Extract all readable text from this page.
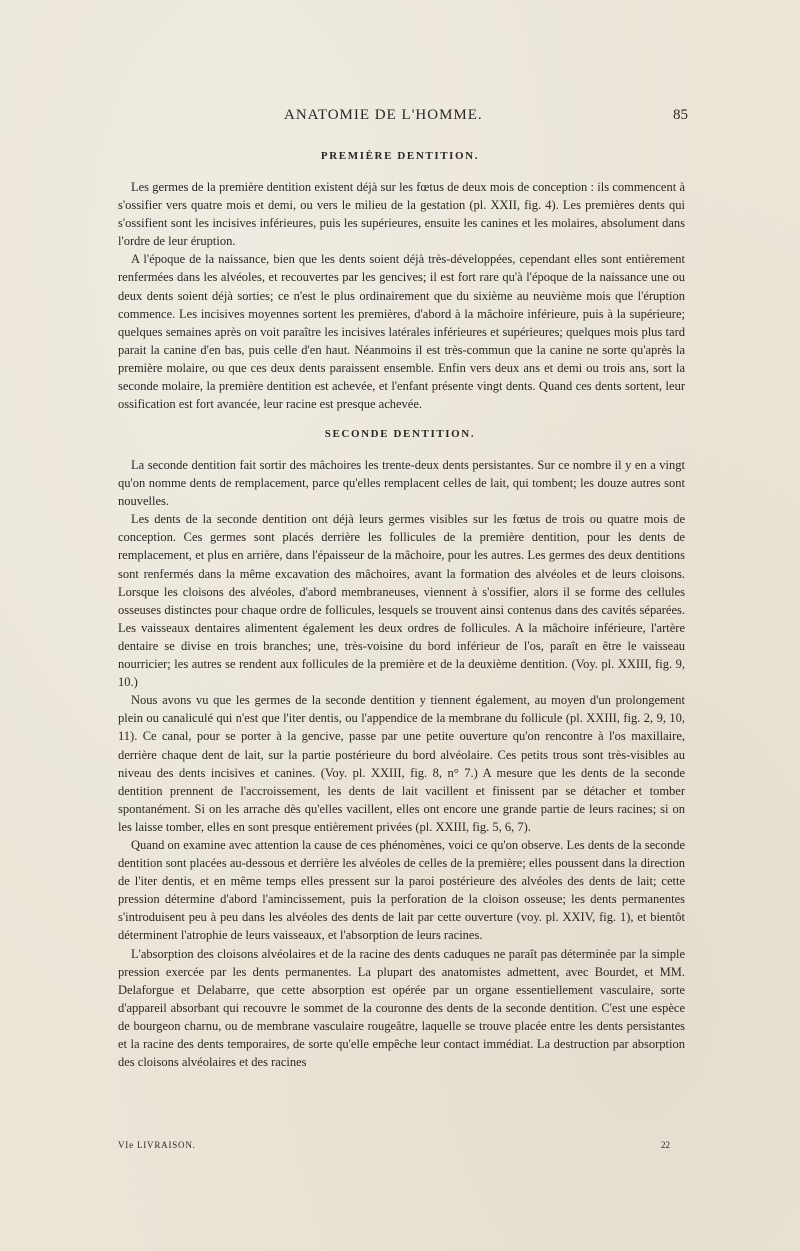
ANATOMIE DE L'HOMME.	85
PREMIÈRE DENTITION.

Les germes de la première dentition existent déjà sur les fœtus de deux mois de conception : ils commencent à s'ossifier vers quatre mois et demi, ou vers le milieu de la gestation (pl. XXII, fig. 4). Les premières dents qui s'ossifient sont les incisives inférieures, puis les supérieures, ensuite les canines et les molaires, absolument dans l'ordre de leur éruption.

A l'époque de la naissance, bien que les dents soient déjà très-développées, cependant elles sont entièrement renfermées dans les alvéoles, et recouvertes par les gencives; il est fort rare qu'à l'époque de la naissance une ou deux dents soient déjà sorties; ce n'est le plus ordinairement que du sixième au neuvième mois que l'éruption commence. Les incisives moyennes sortent les premières, d'abord à la mâchoire inférieure, puis à la supérieure; quelques semaines après on voit paraître les incisives latérales inférieures et supérieures; quelques mois plus tard parait la canine d'en bas, puis celle d'en haut. Néanmoins il est très-commun que la canine ne sorte qu'après la première molaire, ou que ces deux dents paraissent ensemble. Enfin vers deux ans et demi ou trois ans, sort la seconde molaire, la première dentition est achevée, et l'enfant présente vingt dents. Quand ces dents sortent, leur ossification est fort avancée, leur racine est presque achevée.

SECONDE DENTITION.

La seconde dentition fait sortir des mâchoires les trente-deux dents persistantes. Sur ce nombre il y en a vingt qu'on nomme dents de remplacement, parce qu'elles remplacent celles de lait, qui tombent; les douze autres sont nouvelles.

Les dents de la seconde dentition ont déjà leurs germes visibles sur les fœtus de trois ou quatre mois de conception. Ces germes sont placés derrière les follicules de la première dentition, pour les dents de remplacement, et plus en arrière, dans l'épaisseur de la mâchoire, pour les autres. Les germes des deux dentitions sont renfermés dans la même excavation des mâchoires, avant la formation des alvéoles et de leurs cloisons. Lorsque les cloisons des alvéoles, d'abord membraneuses, viennent à s'ossifier, alors il se forme des cellules osseuses distinctes pour chaque ordre de follicules, lesquels se trouvent ainsi contenus dans des cavités séparées. Les vaisseaux dentaires alimentent également les deux ordres de follicules. A la mâchoire inférieure, l'artère dentaire se divise en trois branches; une, très-voisine du bord inférieur de l'os, paraît en être le vaisseau nourricier; les autres se rendent aux follicules de la première et de la deuxième dentition. (Voy. pl. XXIII, fig. 9, 10.)

Nous avons vu que les germes de la seconde dentition y tiennent également, au moyen d'un prolongement plein ou canaliculé qui n'est que l'iter dentis, ou l'appendice de la membrane du follicule (pl. XXIII, fig. 2, 9, 10, 11). Ce canal, pour se porter à la gencive, passe par une petite ouverture qu'on rencontre à l'os maxillaire, derrière chaque dent de lait, sur la partie postérieure du bord alvéolaire. Ces petits trous sont très-visibles au niveau des dents incisives et canines. (Voy. pl. XXIII, fig. 8, n° 7.) A mesure que les dents de la seconde dentition prennent de l'accroissement, les dents de lait vacillent et finissent par se détacher et tomber spontanément. Si on les arrache dès qu'elles vacillent, elles ont encore une grande partie de leurs racines; si on les laisse tomber, elles en sont presque entièrement privées (pl. XXIII, fig. 5, 6, 7).

Quand on examine avec attention la cause de ces phénomènes, voici ce qu'on observe. Les dents de la seconde dentition sont placées au-dessous et derrière les alvéoles de celles de la première; elles poussent dans la direction de l'iter dentis, et en même temps elles pressent sur la paroi postérieure des alvéoles des dents de lait; cette pression détermine d'abord l'amincissement, puis la perforation de la cloison osseuse; les dents permanentes s'introduisent peu à peu dans les alvéoles des dents de lait par cette ouverture (voy. pl. XXIV, fig. 1), et bientôt déterminent l'atrophie de leurs vaisseaux, et l'absorption de leurs racines.

L'absorption des cloisons alvéolaires et de la racine des dents caduques ne paraît pas déterminée par la simple pression exercée par les dents permanentes. La plupart des anatomistes admettent, avec Bourdet, et MM. Delaforgue et Delabarre, que cette absorption est opérée par un organe essentiellement vasculaire, sorte d'appareil absorbant qui recouvre le sommet de la couronne des dents de la seconde dentition. C'est une espèce de bourgeon charnu, ou de membrane vasculaire rougeâtre, laquelle se trouve placée entre les dents persistantes et la racine des dents temporaires, de sorte qu'elle empêche leur contact immédiat. La destruction par absorption des cloisons alvéolaires et des racines

VIe LIVRAISON.	22
